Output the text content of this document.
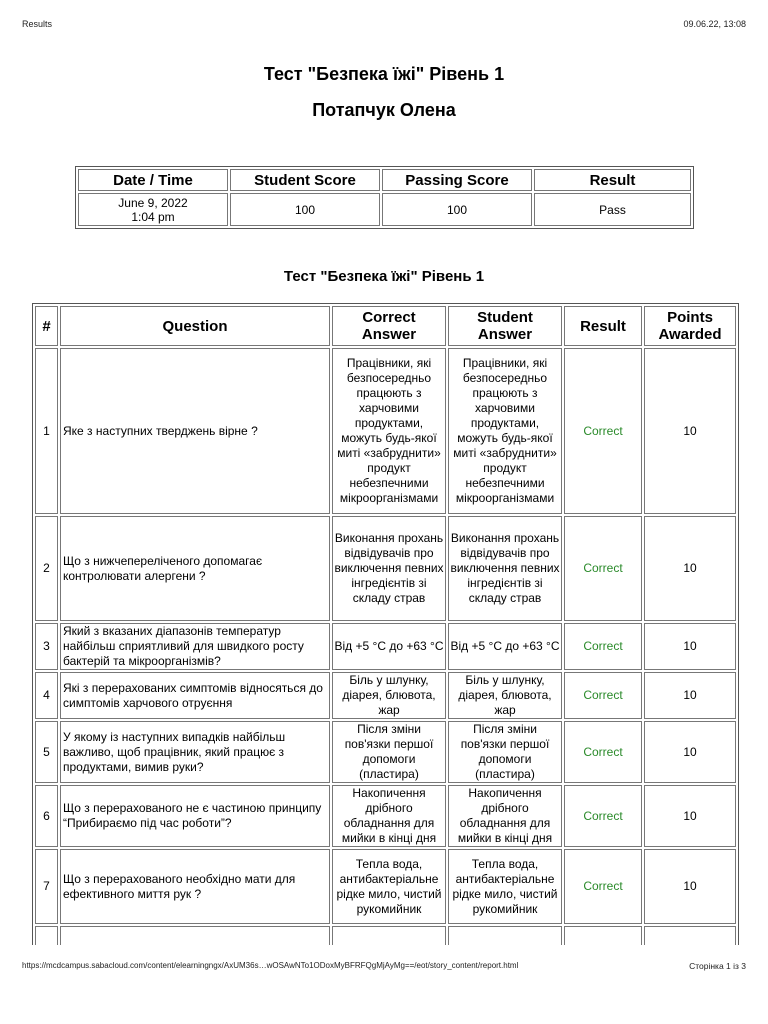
Results	09.06.22, 13:08
Тест "Безпека їжі" Рівень 1
Потапчук Олена
Date / Time	Student Score	Passing Score	Result

June 9, 2022
1:04 pm	100	100	Pass
Тест "Безпека їжі" Рівень 1
#	Question	Correct Answer	Student Answer	Result	Points Awarded
1	Яке з наступних тверджень вірне ?	Працівники, які безпосередньо працюють з харчовими продуктами, можуть будь-якої миті «забруднити» продукт небезпечними мікроорганізмами	Працівники, які безпосередньо працюють з харчовими продуктами, можуть будь-якої миті «забруднити» продукт небезпечними мікроорганізмами	Correct	10
2	Що з нижчепереліченого допомагає контролювати алергени ?	Виконання прохань відвідувачів про виключення певних інгредієнтів зі складу страв	Виконання прохань відвідувачів про виключення певних інгредієнтів зі складу страв	Correct	10
3	Який з вказаних діапазонів температур найбільш сприятливий для швидкого росту бактерій та мікроорганізмів?	Від +5 °С до +63 °С	Від +5 °С до +63 °С	Correct	10
4	Які з перерахованих симптомів відносяться до симптомів харчового отруєння	Біль у шлунку, діарея, блювота, жар	Біль у шлунку, діарея, блювота, жар	Correct	10
5	У якому із наступних випадків найбільш важливо, щоб працівник, який працює з продуктами, вимив руки?	Після зміни пов'язки першої допомоги (пластира)	Після зміни пов'язки першої допомоги (пластира)	Correct	10
6	Що з перерахованого не є частиною принципу “Прибираємо під час роботи”?	Накопичення дрібного обладнання для мийки в кінці дня	Накопичення дрібного обладнання для мийки в кінці дня	Correct	10
7	Що з перерахованого необхідно мати для ефективного миття рук ?	Тепла вода, антибактеріальне рідке мило, чистий рукомийник	Тепла вода, антибактеріальне рідке мило, чистий рукомийник	Correct	10

https://mcdcampus.sabacloud.com/content/elearningngx/AxUM36s…wOSAwNTo1ODoxMyBFRFQgMjAyMg==/eot/story_content/report.html	Сторінка 1 із 3
